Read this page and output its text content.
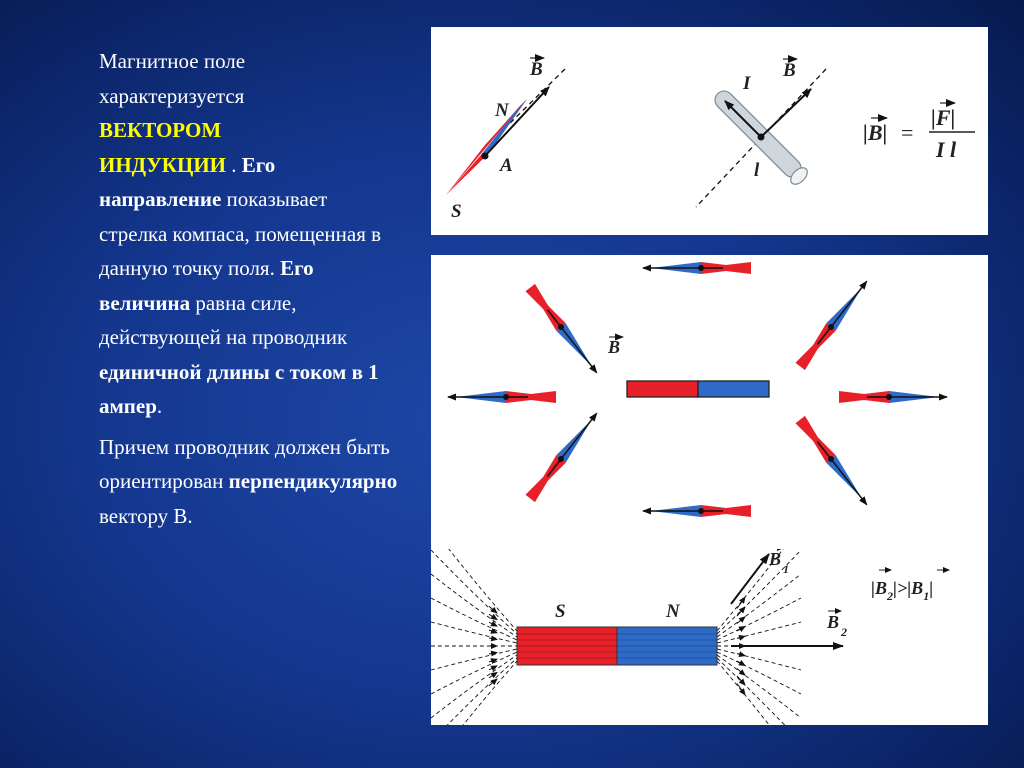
Магнитное поле
характеризуется
ВЕКТОРОМ
ИНДУКЦИИ . Его направление показывает стрелка компаса, помещенная в данную точку поля. Его величина равна силе, действующей на проводник единичной длины с током в 1 ампер.

Причем проводник должен быть ориентирован перпендикулярно вектору В.

B
N
A
S
I
B
l
|B| =
|F|
I l
B
S	N
B 1
B 2
$|B_2|>|B_1|$
